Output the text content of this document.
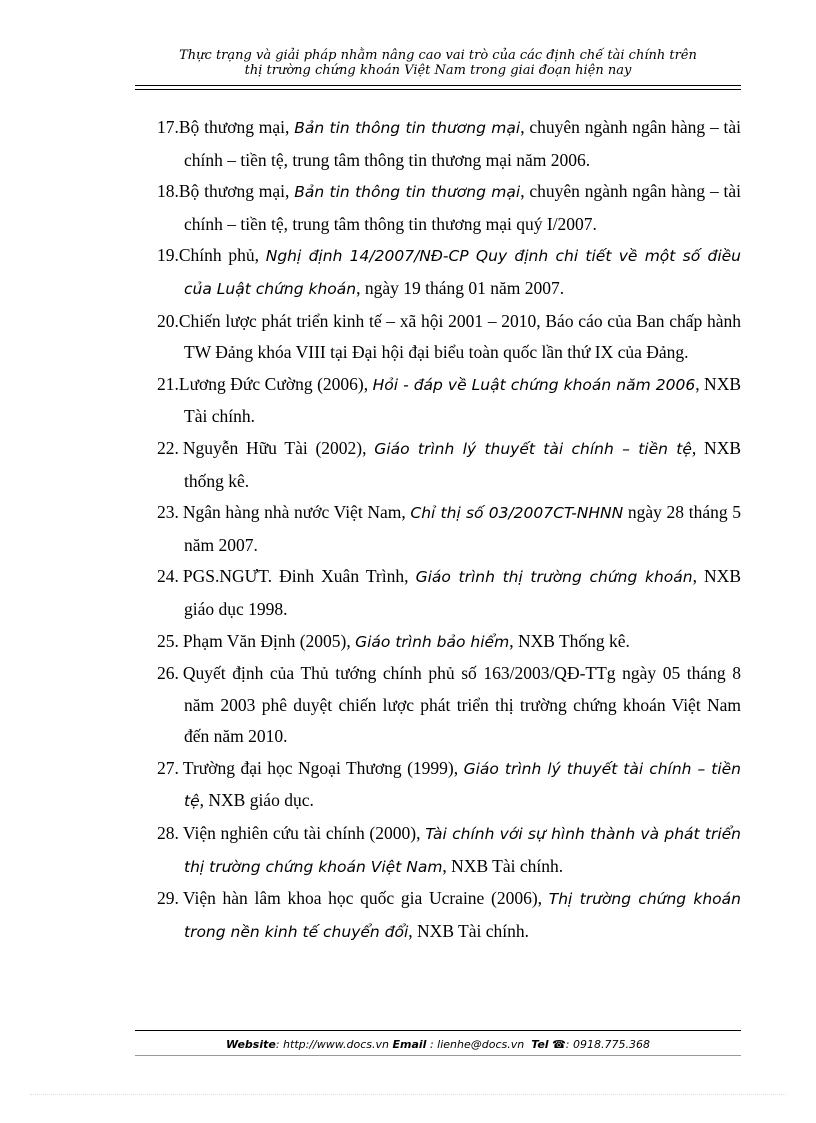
Thực trạng và giải pháp nhằm nâng cao vai trò của các định chế tài chính trên
thị trường chứng khoán Việt Nam trong giai đoạn hiện nay
17.Bộ thương mại, Bản tin thông tin thương mại, chuyên ngành ngân hàng – tài chính – tiền tệ, trung tâm thông tin thương mại năm 2006.
18.Bộ thương mại, Bản tin thông tin thương mại, chuyên ngành ngân hàng – tài chính – tiền tệ, trung tâm thông tin thương mại quý I/2007.
19.Chính phủ, Nghị định 14/2007/NĐ-CP Quy định chi tiết về một số điều của Luật chứng khoán, ngày 19 tháng 01 năm 2007.
20.Chiến lược phát triển kinh tế – xã hội 2001 – 2010, Báo cáo của Ban chấp hành TW Đảng khóa VIII tại Đại hội đại biểu toàn quốc lần thứ IX của Đảng.
21.Lương Đức Cường (2006), Hỏi - đáp về Luật chứng khoán năm 2006, NXB Tài chính.
22. Nguyễn Hữu Tài (2002), Giáo trình lý thuyết tài chính – tiền tệ, NXB thống kê.
23. Ngân hàng nhà nước Việt Nam, Chỉ thị số 03/2007CT-NHNN ngày 28 tháng 5 năm 2007.
24. PGS.NGƯT. Đinh Xuân Trình, Giáo trình thị trường chứng khoán, NXB giáo dục 1998.
25. Phạm Văn Định (2005), Giáo trình bảo hiểm, NXB Thống kê.
26. Quyết định của Thủ tướng chính phủ số 163/2003/QĐ-TTg ngày 05 tháng 8 năm 2003 phê duyệt chiến lược phát triển thị trường chứng khoán Việt Nam đến năm 2010.
27. Trường đại học Ngoại Thương (1999), Giáo trình lý thuyết tài chính – tiền tệ, NXB giáo dục.
28. Viện nghiên cứu tài chính (2000), Tài chính với sự hình thành và phát triển thị trường chứng khoán Việt Nam, NXB Tài chính.
29. Viện hàn lâm khoa học quốc gia Ucraine (2006), Thị trường chứng khoán trong nền kinh tế chuyển đổi, NXB Tài chính.
Website: http://www.docs.vn Email : lienhe@docs.vn Tel ☎: 0918.775.368
